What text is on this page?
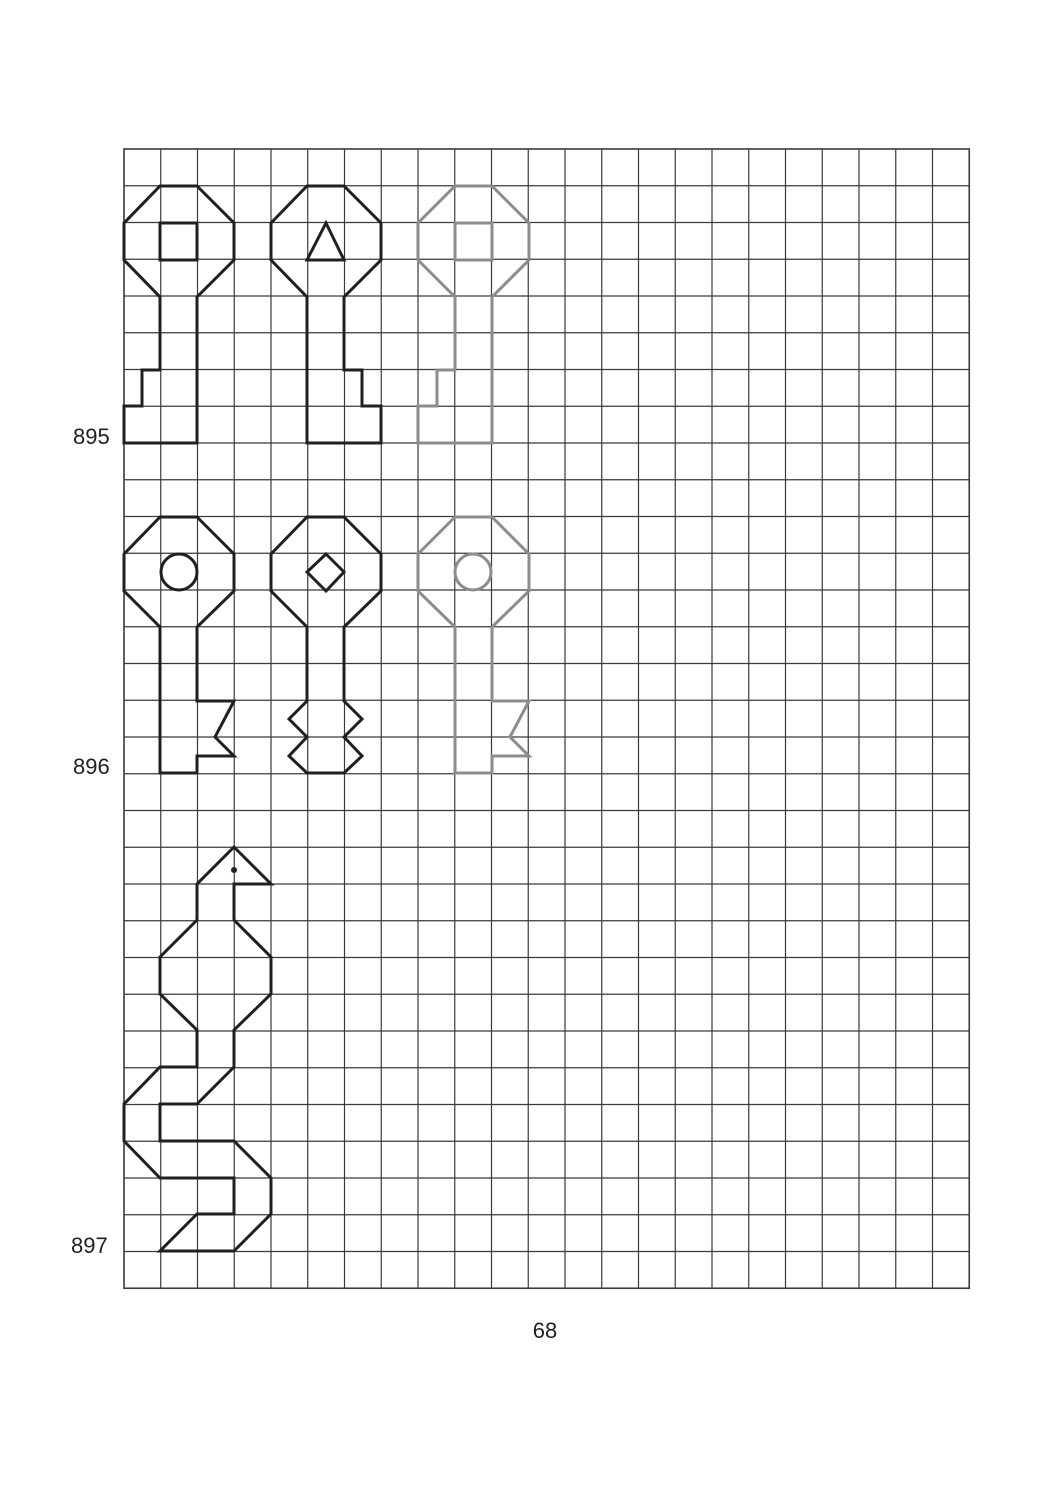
895
896
897
68
